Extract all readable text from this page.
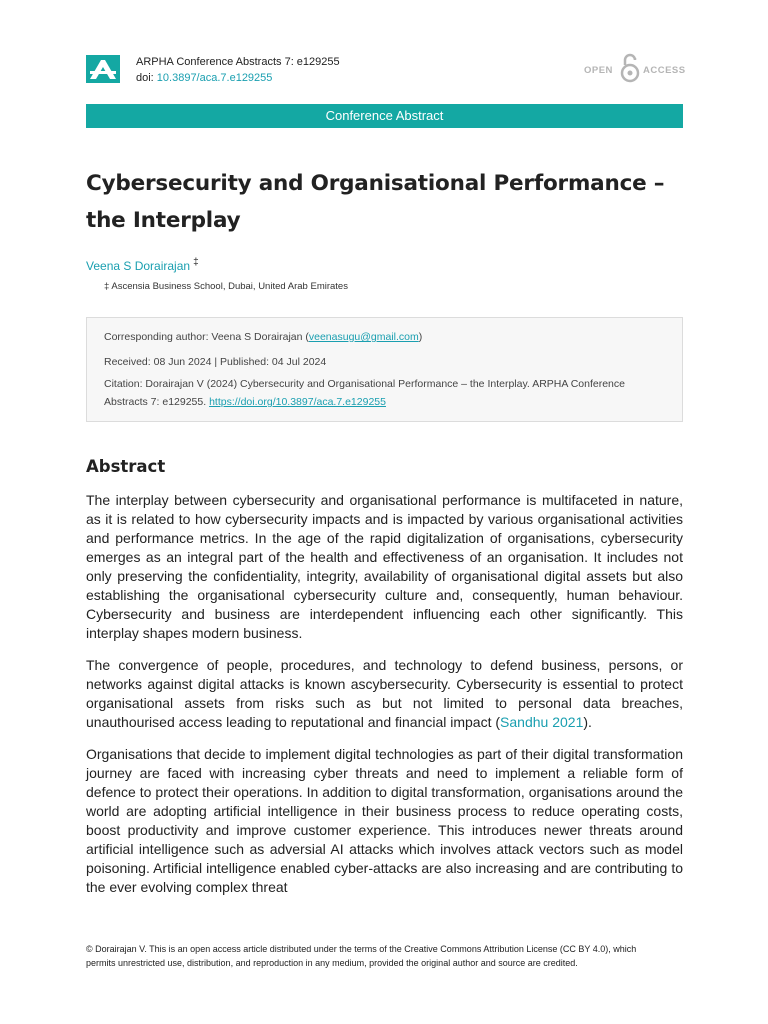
ARPHA Conference Abstracts 7: e129255
doi: 10.3897/aca.7.e129255
OPEN	ACCESS
Conference Abstract
Cybersecurity and Organisational Performance – the Interplay
Veena S Dorairajan ‡
‡ Ascensia Business School, Dubai, United Arab Emirates
Corresponding author: Veena S Dorairajan (veenasugu@gmail.com)
Received: 08 Jun 2024 | Published: 04 Jul 2024
Citation: Dorairajan V (2024) Cybersecurity and Organisational Performance – the Interplay. ARPHA Conference
Abstracts 7: e129255. https://doi.org/10.3897/aca.7.e129255
Abstract

The interplay between cybersecurity and organisational performance is multifaceted in nature, as it is related to how cybersecurity impacts and is impacted by various organisational activities and performance metrics. In the age of the rapid digitalization of organisations, cybersecurity emerges as an integral part of the health and effectiveness of an organisation. It includes not only preserving the confidentiality, integrity, availability of organisational digital assets but also establishing the organisational cybersecurity culture and, consequently, human behaviour. Cybersecurity and business are interdependent influencing each other significantly. This interplay shapes modern business.

The convergence of people, procedures, and technology to defend business, persons, or networks against digital attacks is known ascybersecurity. Cybersecurity is essential to protect organisational assets from risks such as but not limited to personal data breaches, unauthourised access leading to reputational and financial impact (Sandhu 2021).

Organisations that decide to implement digital technologies as part of their digital transformation journey are faced with increasing cyber threats and need to implement a reliable form of defence to protect their operations. In addition to digital transformation, organisations around the world are adopting artificial intelligence in their business process to reduce operating costs, boost productivity and improve customer experience. This introduces newer threats around artificial intelligence such as adversial AI attacks which involves attack vectors such as model poisoning. Artificial intelligence enabled cyber-attacks are also increasing and are contributing to the ever evolving complex threat

© Dorairajan V. This is an open access article distributed under the terms of the Creative Commons Attribution License (CC BY 4.0), which permits unrestricted use, distribution, and reproduction in any medium, provided the original author and source are credited.
